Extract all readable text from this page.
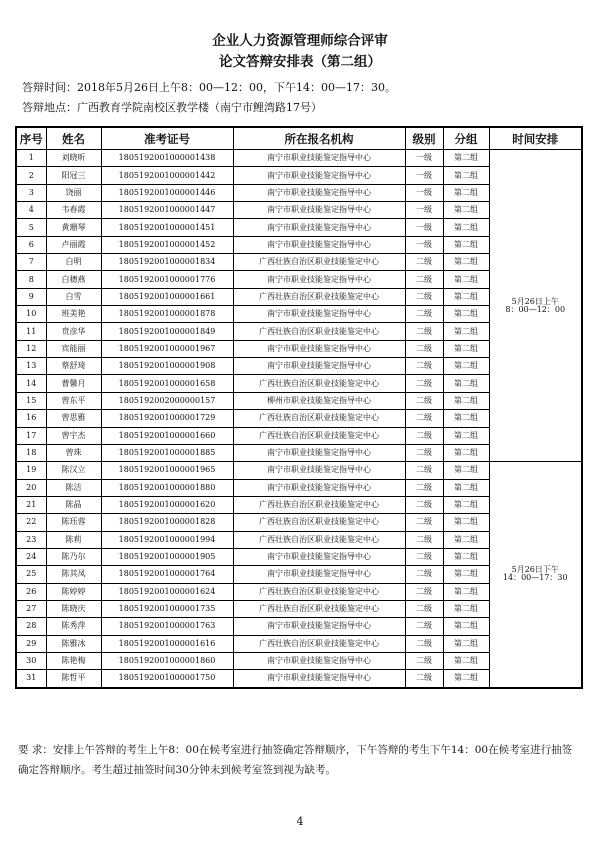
企业人力资源管理师综合评审
论文答辩安排表（第二组）
答辩时间：2018年5月26日上午8：00—12：00，下午14：00—17：30。
答辩地点：广西教育学院南校区教学楼（南宁市鲤湾路17号）
序号	姓名	准考证号	所在报名机构	级别	分组	时间安排
1	刘晓昕	1805192001000001438	南宁市职业技能鉴定指导中心	一级	第二组	5月26日上午
8：00—12：00

2	阳冠三	1805192001000001442	南宁市职业技能鉴定指导中心	一级	第二组	
3	饶丽	1805192001000001446	南宁市职业技能鉴定指导中心	一级	第二组	
4	韦春霞	1805192001000001447	南宁市职业技能鉴定指导中心	一级	第二组	
5	黄珊琴	1805192001000001451	南宁市职业技能鉴定指导中心	一级	第二组	
6	卢丽霞	1805192001000001452	南宁市职业技能鉴定指导中心	一级	第二组	
7	白明	1805192001000001834	广西壮族自治区职业技能鉴定中心	二级	第二组	
8	白穗燕	1805192001000001776	南宁市职业技能鉴定指导中心	二级	第二组	
9	白雪	1805192001000001661	广西壮族自治区职业技能鉴定中心	二级	第二组	
10	班美艳	1805192001000001878	南宁市职业技能鉴定指导中心	二级	第二组	
11	贲彦华	1805192001000001849	广西壮族自治区职业技能鉴定中心	二级	第二组	
12	宾能丽	1805192001000001967	南宁市职业技能鉴定指导中心	二级	第二组	
13	蔡舒琦	1805192001000001908	南宁市职业技能鉴定指导中心	二级	第二组	
14	曹馨月	1805192001000001658	广西壮族自治区职业技能鉴定中心	二级	第二组	
15	曾东平	1805192002000000157	柳州市职业技能鉴定指导中心	二级	第二组	
16	曾思雅	1805192001000001729	广西壮族自治区职业技能鉴定中心	二级	第二组	
17	曾宇杰	1805192001000001660	广西壮族自治区职业技能鉴定中心	二级	第二组	
18	曾珠	1805192001000001885	南宁市职业技能鉴定指导中心	二级	第二组	
19	陈汉立	1805192001000001965	南宁市职业技能鉴定指导中心	二级	第二组	5月26日下午
14：00—17：30

20	陈洁	1805192001000001880	南宁市职业技能鉴定指导中心	二级	第二组	
21	陈晶	1805192001000001620	广西壮族自治区职业技能鉴定中心	二级	第二组	
22	陈珏蓉	1805192001000001828	广西壮族自治区职业技能鉴定中心	二级	第二组	
23	陈莉	1805192001000001994	广西壮族自治区职业技能鉴定中心	二级	第二组	
24	陈乃尔	1805192001000001905	南宁市职业技能鉴定指导中心	二级	第二组	
25	陈其凤	1805192001000001764	南宁市职业技能鉴定指导中心	二级	第二组	
26	陈婷婷	1805192001000001624	广西壮族自治区职业技能鉴定中心	二级	第二组	
27	陈晓庆	1805192001000001735	广西壮族自治区职业技能鉴定中心	二级	第二组	
28	陈秀萍	1805192001000001763	南宁市职业技能鉴定指导中心	二级	第二组	
29	陈雅冰	1805192001000001616	广西壮族自治区职业技能鉴定中心	二级	第二组	
30	陈艳梅	1805192001000001860	南宁市职业技能鉴定指导中心	二级	第二组	
31	陈哲平	1805192001000001750	南宁市职业技能鉴定指导中心	二级	第二组	
要 求：安排上午答辩的考生上午8：00在候考室进行抽签确定答辩顺序，下午答辩的考生下午14：00在候考室进行抽签确定答辩顺序。考生超过抽签时间30分钟未到候考室签到视为缺考。
4
